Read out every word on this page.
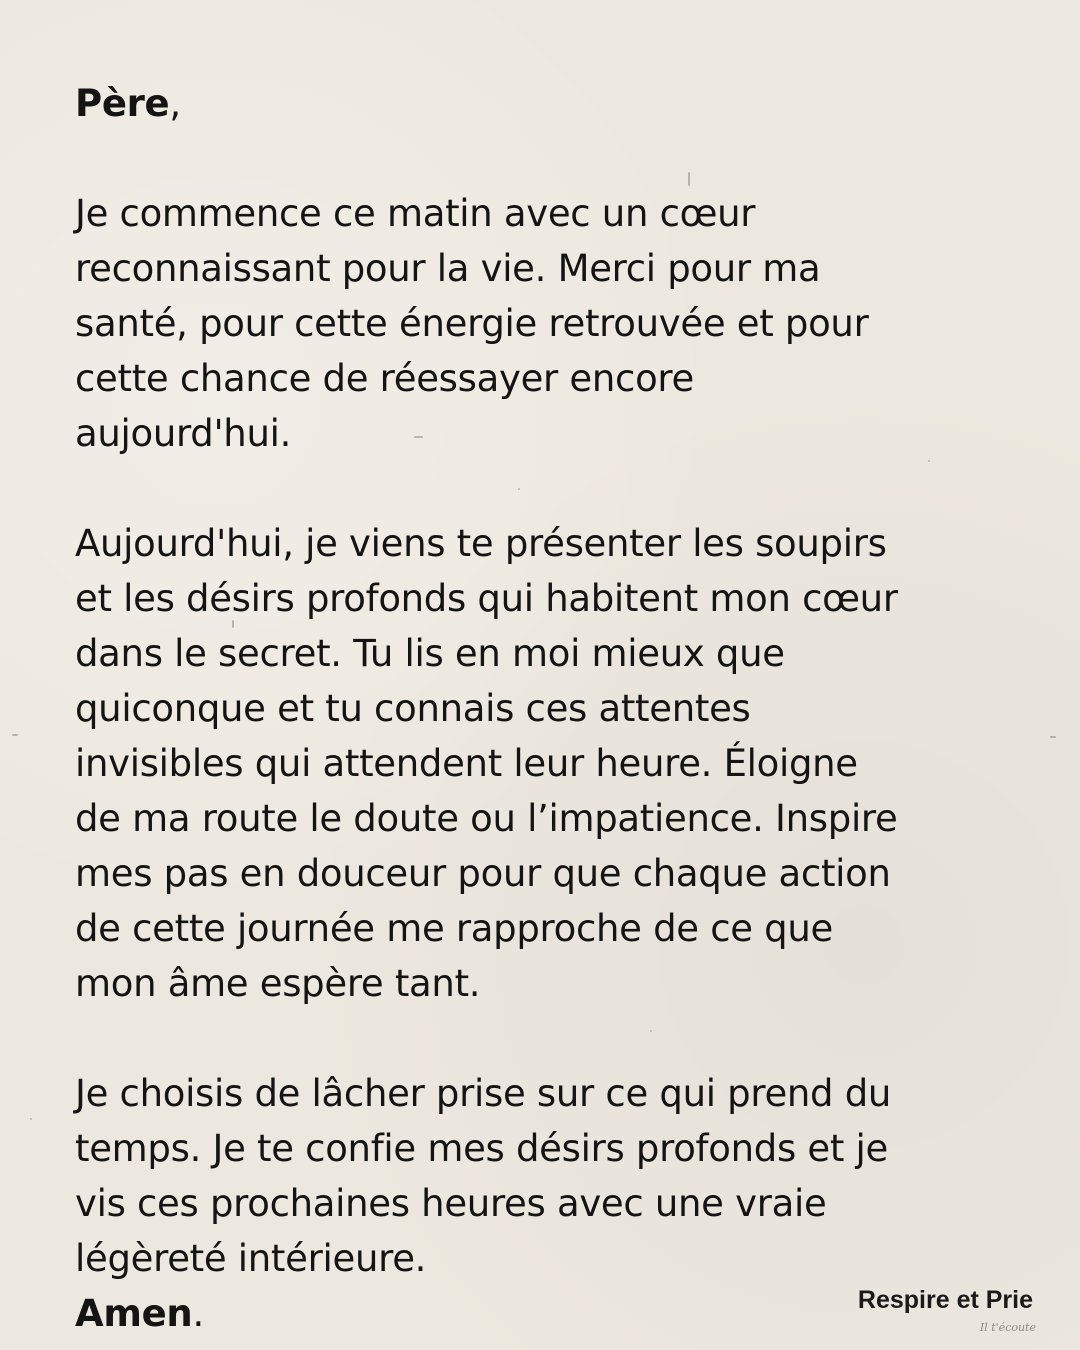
Père,
Je commence ce matin avec un cœur
reconnaissant pour la vie. Merci pour ma
santé, pour cette énergie retrouvée et pour
cette chance de réessayer encore
aujourd'hui.
Aujourd'hui, je viens te présenter les soupirs
et les désirs profonds qui habitent mon cœur
dans le secret. Tu lis en moi mieux que
quiconque et tu connais ces attentes
invisibles qui attendent leur heure. Éloigne
de ma route le doute ou l’impatience. Inspire
mes pas en douceur pour que chaque action
de cette journée me rapproche de ce que
mon âme espère tant.
Je choisis de lâcher prise sur ce qui prend du
temps. Je te confie mes désirs profonds et je
vis ces prochaines heures avec une vraie
légèreté intérieure.
Amen.	Respire et Prie
Il t'écoute
